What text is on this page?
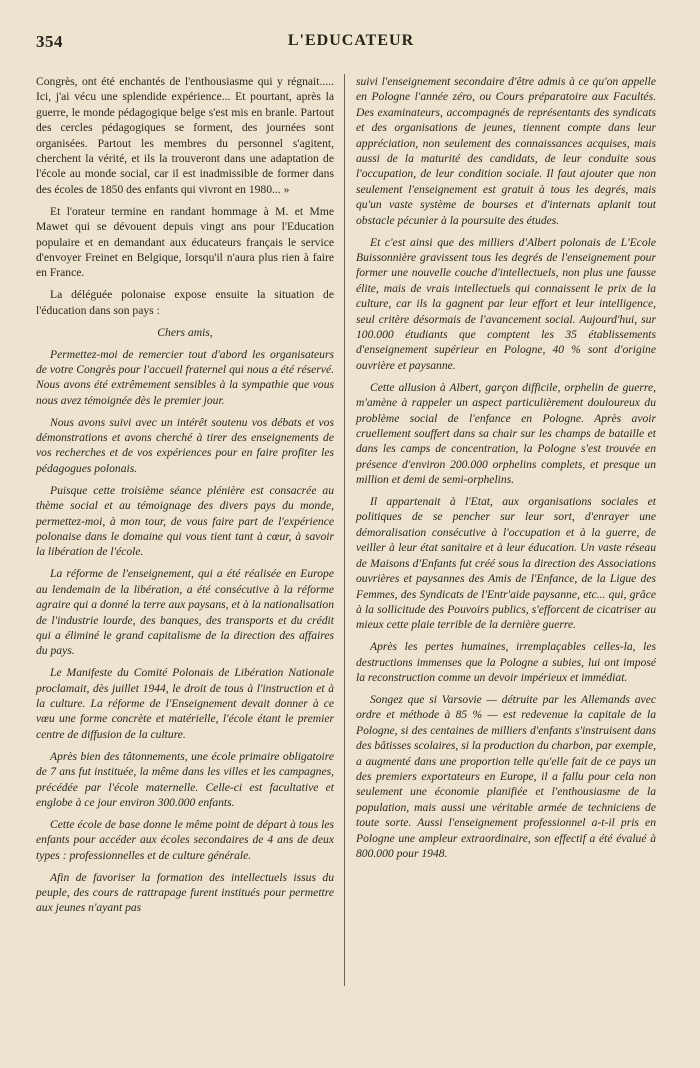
354	L'EDUCATEUR

Congrès, ont été enchantés de l'enthousiasme qui y régnait..... Ici, j'ai vécu une splendide expérience... Et pourtant, après la guerre, le monde pédagogique belge s'est mis en branle. Partout des cercles pédagogiques se forment, des journées sont organisées. Partout les membres du personnel s'agitent, cherchent la vérité, et ils la trouveront dans une adaptation de l'école au monde social, car il est inadmissible de former dans des écoles de 1850 des enfants qui vivront en 1980... »

Et l'orateur termine en randant hommage à M. et Mme Mawet qui se dévouent depuis vingt ans pour l'Education populaire et en demandant aux éducateurs français le service d'envoyer Freinet en Belgique, lorsqu'il n'aura plus rien à faire en France.

La déléguée polonaise expose ensuite la situation de l'éducation dans son pays :

Chers amis,

Permettez-moi de remercier tout d'abord les organisateurs de votre Congrès pour l'accueil fraternel qui nous a été réservé. Nous avons été extrêmement sensibles à la sympathie que vous nous avez témoignée dès le premier jour.

Nous avons suivi avec un intérêt soutenu vos débats et vos démonstrations et avons cherché à tirer des enseignements de vos recherches et de vos expériences pour en faire profiter les pédagogues polonais.

Puisque cette troisième séance plénière est consacrée au thème social et au témoignage des divers pays du monde, permettez-moi, à mon tour, de vous faire part de l'expérience polonaise dans le domaine qui vous tient tant à cœur, à savoir la libération de l'école.

La réforme de l'enseignement, qui a été réalisée en Europe au lendemain de la libération, a été consécutive à la réforme agraire qui a donné la terre aux paysans, et à la nationalisation de l'industrie lourde, des banques, des transports et du crédit qui a éliminé le grand capitalisme de la direction des affaires du pays.

Le Manifeste du Comité Polonais de Libération Nationale proclamait, dès juillet 1944, le droit de tous à l'instruction et à la culture. La réforme de l'Enseignement devait donner à ce vœu une forme concrète et matérielle, l'école étant le premier centre de diffusion de la culture.

Après bien des tâtonnements, une école primaire obligatoire de 7 ans fut instituée, la même dans les villes et les campagnes, précédée par l'école maternelle. Celle-ci est facultative et englobe à ce jour environ 300.000 enfants.

Cette école de base donne le même point de départ à tous les enfants pour accéder aux écoles secondaires de 4 ans de deux types : professionnelles et de culture générale.

Afin de favoriser la formation des intellectuels issus du peuple, des cours de rattrapage furent institués pour permettre aux jeunes n'ayant pas

suivi l'enseignement secondaire d'être admis à ce qu'on appelle en Pologne l'année zéro, ou Cours préparatoire aux Facultés. Des examinateurs, accompagnés de représentants des syndicats et des organisations de jeunes, tiennent compte dans leur appréciation, non seulement des connaissances acquises, mais aussi de la maturité des candidats, de leur conduite sous l'occupation, de leur condition sociale. Il faut ajouter que non seulement l'enseignement est gratuit à tous les degrés, mais qu'un vaste système de bourses et d'internats aplanit tout obstacle pécunier à la poursuite des études.

Et c'est ainsi que des milliers d'Albert polonais de L'Ecole Buissonnière gravissent tous les degrés de l'enseignement pour former une nouvelle couche d'intellectuels, non plus une fausse élite, mais de vrais intellectuels qui connaissent le prix de la culture, car ils la gagnent par leur effort et leur intelligence, seul critère désormais de l'avancement social. Aujourd'hui, sur 100.000 étudiants que comptent les 35 établissements d'enseignement supérieur en Pologne, 40 % sont d'origine ouvrière et paysanne.

Cette allusion à Albert, garçon difficile, orphelin de guerre, m'amène à rappeler un aspect particulièrement douloureux du problème social de l'enfance en Pologne. Après avoir cruellement souffert dans sa chair sur les champs de bataille et dans les camps de concentration, la Pologne s'est trouvée en présence d'environ 200.000 orphelins complets, et presque un million et demi de semi-orphelins.

Il appartenait à l'Etat, aux organisations sociales et politiques de se pencher sur leur sort, d'enrayer une démoralisation consécutive à l'occupation et à la guerre, de veiller à leur état sanitaire et à leur éducation. Un vaste réseau de Maisons d'Enfants fut créé sous la direction des Associations ouvrières et paysannes des Amis de l'Enfance, de la Ligue des Femmes, des Syndicats de l'Entr'aide paysanne, etc... qui, grâce à la sollicitude des Pouvoirs publics, s'efforcent de cicatriser au mieux cette plaie terrible de la dernière guerre.

Après les pertes humaines, irremplaçables celles-la, les destructions immenses que la Pologne a subies, lui ont imposé la reconstruction comme un devoir impérieux et immédiat.

Songez que si Varsovie — détruite par les Allemands avec ordre et méthode à 85 % — est redevenue la capitale de la Pologne, si des centaines de milliers d'enfants s'instruisent dans des bâtisses scolaires, si la production du charbon, par exemple, a augmenté dans une proportion telle qu'elle fait de ce pays un des premiers exportateurs en Europe, il a fallu pour cela non seulement une économie planifiée et l'enthousiasme de la population, mais aussi une véritable armée de techniciens de toute sorte. Aussi l'enseignement professionnel a-t-il pris en Pologne une ampleur extraordinaire, son effectif a été évalué à 800.000 pour 1948.
